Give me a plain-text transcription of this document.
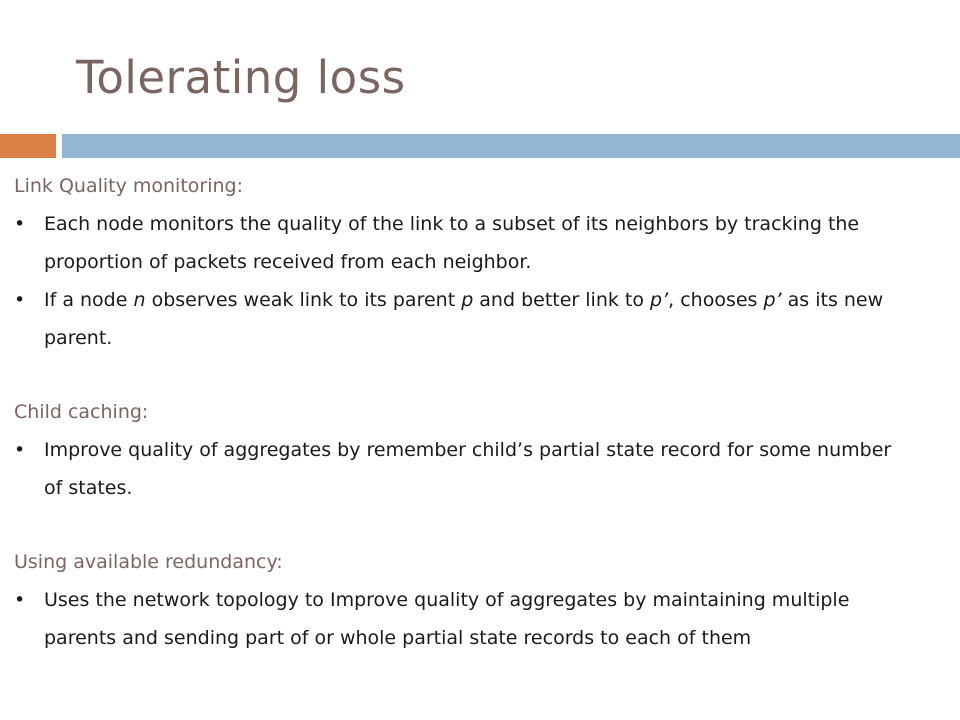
Tolerating loss
Link Quality monitoring:
• Each node monitors the quality of the link to a subset of its neighbors by tracking the proportion of packets received from each neighbor.
• If a node n observes weak link to its parent p and better link to p’, chooses p’ as its new parent.
Child caching:
• Improve quality of aggregates by remember child’s partial state record for some number of states.
Using available redundancy:
• Uses the network topology to Improve quality of aggregates by maintaining multiple parents and sending part of or whole partial state records to each of them
